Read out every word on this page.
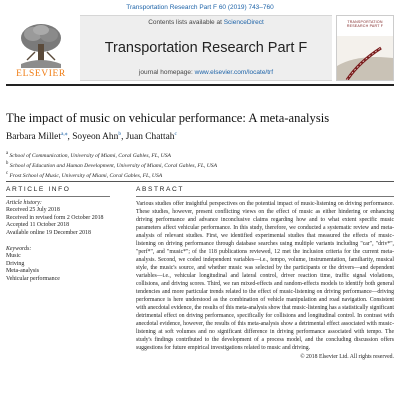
Transportation Research Part F 60 (2019) 743–760
ELSEVIER
Contents lists available at ScienceDirect
Transportation Research Part F
journal homepage: www.elsevier.com/locate/trf
TRANSPORTATION RESEARCH PART F
The impact of music on vehicular performance: A meta-analysis
Barbara Millet$^{a,⁎}$, Soyeon Ahn$^b$, Juan Chattah$^c$
$^a$ School of Communication, University of Miami, Coral Gables, FL, USA
$^b$ School of Education and Human Development, University of Miami, Coral Gables, FL, USA
$^c$ Frost School of Music, University of Miami, Coral Gables, FL, USA
ARTICLE INFO	ABSTRACT
Article history:
Received 25 July 2018
Received in revised form 2 October 2018
Accepted 11 October 2018
Available online 19 December 2018
Keywords:
Music
Driving
Meta-analysis
Vehicular performance
Various studies offer insightful perspectives on the potential impact of music-listening on driving performance. These studies, however, present conflicting views on the effect of music as either hindering or enhancing driving performance and advance inconclusive claims regarding how and to what extent specific music parameters affect vehicular performance. In this study, therefore, we conducted a systematic review and meta-analysis of relevant studies. First, we identified experimental studies that measured the effects of music-listening on driving performance through database searches using multiple variants including "car", "driv*", "perf*", and "music*"; of the 118 publications reviewed, 12 met the inclusion criteria for the current meta-analysis. Second, we coded independent variables—i.e., tempo, volume, instrumentation, familiarity, musical style, the music's source, and whether music was selected by the participants or the drivers—and dependent variables—i.e., vehicular longitudinal and lateral control, driver reaction time, traffic signal violations, collisions, and driving scores. Third, we ran mixed-effects and random-effects models to identify both general tendencies and more particular trends related to the effect of music-listening on driving performance—driving performance is here understood as the combination of vehicle manipulation and road navigation. Consistent with anecdotal evidence, the results of this meta-analysis show that music-listening has a statistically significant detrimental effect on driving performance, specifically for collisions and longitudinal control. In contrast with anecdotal evidence, however, the results of this meta-analysis show a detrimental effect associated with music-listening at soft volumes and no significant difference in driving performance associated with tempo. The study's findings contributed to the development of a process model, and the concluding discussion offers suggestions for future empirical investigations related to music and driving.
© 2018 Elsevier Ltd. All rights reserved.
